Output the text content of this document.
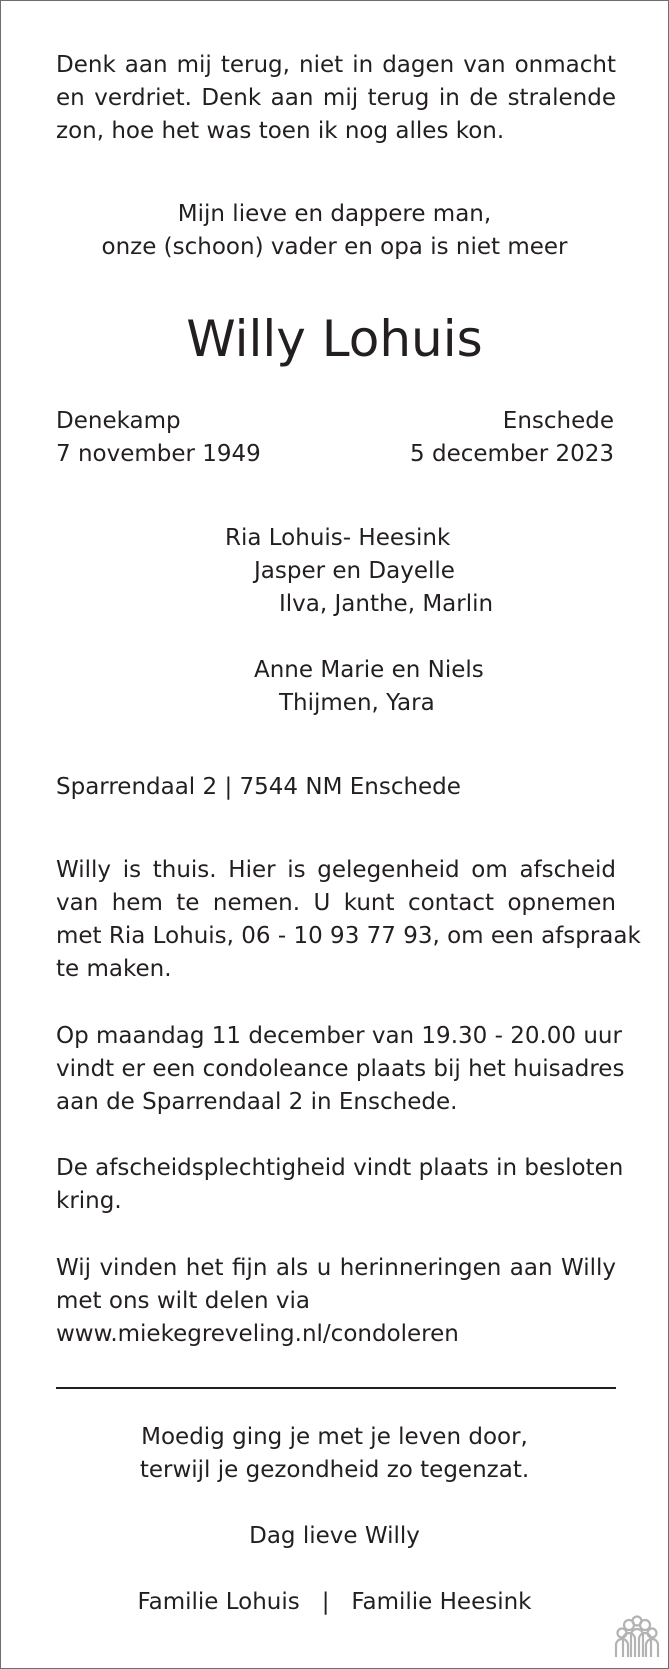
Denk aan mij terug, niet in dagen van onmacht
en verdriet. Denk aan mij terug in de stralende
zon, hoe het was toen ik nog alles kon.
Mijn lieve en dappere man,
onze (schoon) vader en opa is niet meer
Willy Lohuis
Denekamp
7 november 1949
Enschede
5 december 2023
Ria Lohuis- Heesink
Jasper en Dayelle
Ilva, Janthe, Marlin
Anne Marie en Niels
Thijmen, Yara
Sparrendaal 2 | 7544 NM Enschede
Willy is thuis. Hier is gelegenheid om afscheid
van hem te nemen. U kunt contact opnemen
met Ria Lohuis, 06 - 10 93 77 93, om een afspraak
te maken.
Op maandag 11 december van 19.30 - 20.00 uur
vindt er een condoleance plaats bij het huisadres
aan de Sparrendaal 2 in Enschede.
De afscheidsplechtigheid vindt plaats in besloten
kring.
Wij vinden het fijn als u herinneringen aan Willy
met ons wilt delen via
www.miekegreveling.nl/condoleren
Moedig ging je met je leven door,
terwijl je gezondheid zo tegenzat.
Dag lieve Willy
Familie Lohuis   |   Familie Heesink
